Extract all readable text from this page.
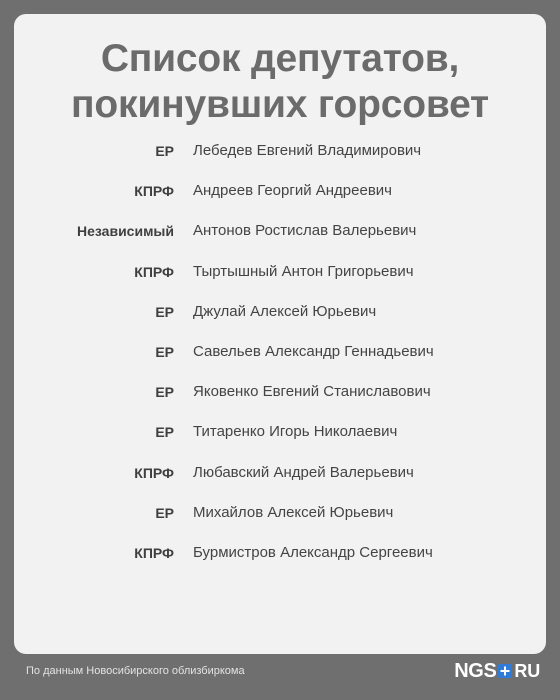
Список депутатов,
покинувших горсовет
ЕР Лебедев Евгений Владимирович
КПРФ Андреев Георгий Андреевич
Независимый Антонов Ростислав Валерьевич
КПРФ Тыртышный Антон Григорьевич
ЕР Джулай Алексей Юрьевич
ЕР Савельев Александр Геннадьевич
ЕР Яковенко Евгений Станиславович
ЕР Титаренко Игорь Николаевич
КПРФ Любавский Андрей Валерьевич
ЕР Михайлов Алексей Юрьевич
КПРФ Бурмистров Александр Сергеевич
По данным Новосибирского облизбиркома	NGS RU
